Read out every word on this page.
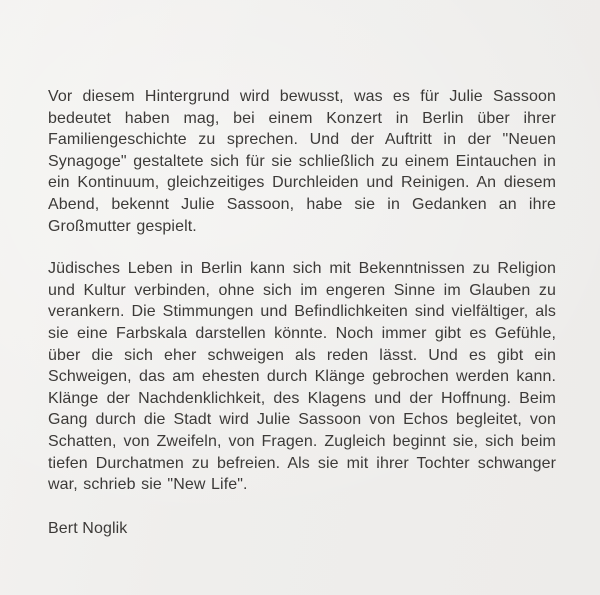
Vor diesem Hintergrund wird bewusst, was es für Julie Sassoon bedeutet haben mag, bei einem Konzert in Berlin über ihrer Familiengeschichte zu sprechen. Und der Auftritt in der "Neuen Synagoge" gestaltete sich für sie schließlich zu einem Eintauchen in ein Kontinuum, gleichzeitiges Durchleiden und Reinigen. An diesem Abend, bekennt Julie Sassoon, habe sie in Gedanken an ihre Großmutter gespielt.

Jüdisches Leben in Berlin kann sich mit Bekenntnissen zu Religion und Kultur verbinden, ohne sich im engeren Sinne im Glauben zu verankern. Die Stimmungen und Befindlichkeiten sind vielfältiger, als sie eine Farbskala darstellen könnte. Noch immer gibt es Gefühle, über die sich eher schweigen als reden lässt. Und es gibt ein Schweigen, das am ehesten durch Klänge gebrochen werden kann. Klänge der Nachdenklichkeit, des Klagens und der Hoffnung. Beim Gang durch die Stadt wird Julie Sassoon von Echos begleitet, von Schatten, von Zweifeln, von Fragen. Zugleich beginnt sie, sich beim tiefen Durchatmen zu befreien. Als sie mit ihrer Tochter schwanger war, schrieb sie "New Life".

Bert Noglik
